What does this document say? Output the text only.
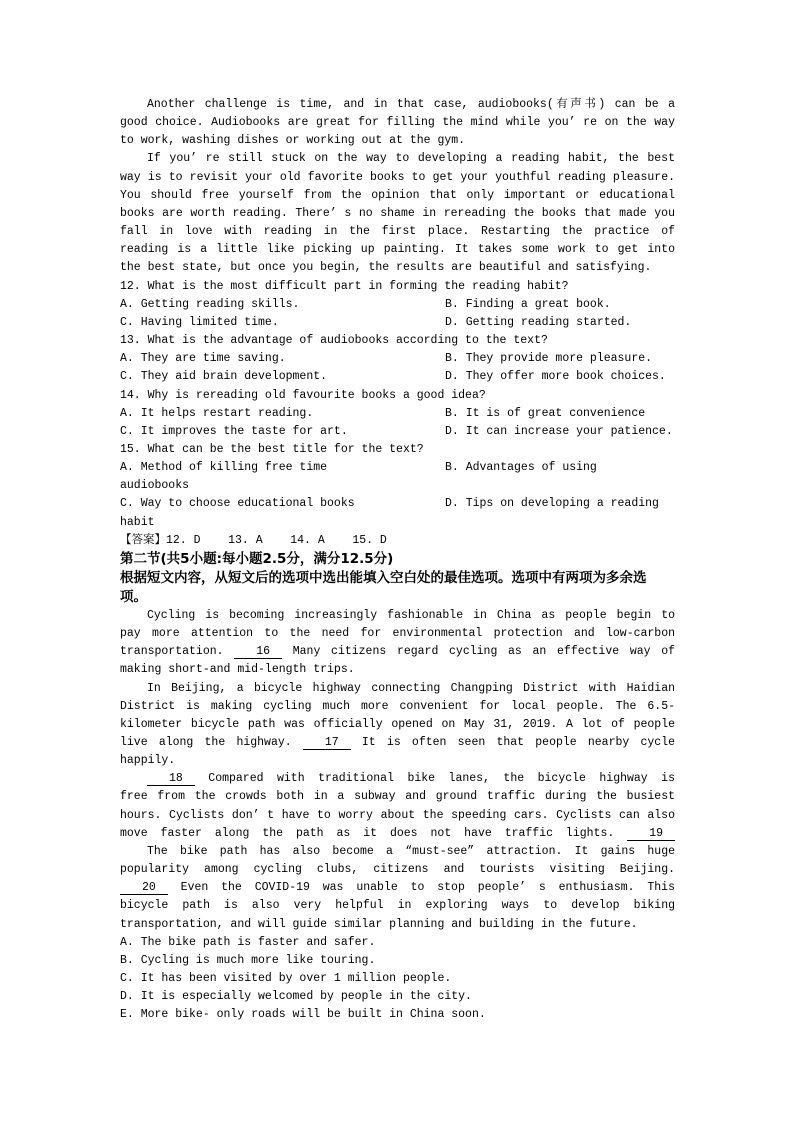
Another challenge is time, and in that case, audiobooks(有声书) can be a
good choice. Audiobooks are great for filling the mind while you’ re on the way
to work, washing dishes or working out at the gym.
If you’ re still stuck on the way to developing a reading habit, the best
way is to revisit your old favorite books to get your youthful reading pleasure.
You should free yourself from the opinion that only important or educational
books are worth reading. There’ s no shame in rereading the books that made you
fall in love with reading in the first place. Restarting the practice of
reading is a little like picking up painting. It takes some work to get into
the best state, but once you begin, the results are beautiful and satisfying.
12. What is the most difficult part in forming the reading habit?
A. Getting reading skills.	B. Finding a great book.
C. Having limited time.	D. Getting reading started.
13. What is the advantage of audiobooks according to the text?
A. They are time saving.	B. They provide more pleasure.
C. They aid brain development.	D. They offer more book choices.
14. Why is rereading old favourite books a good idea?
A. It helps restart reading.	B. It is of great convenience
C. It improves the taste for art.	D. It can increase your patience.
15. What can be the best title for the text?
A. Method of killing free time	B. Advantages of using
audiobooks
C. Way to choose educational books	D. Tips on developing a reading
habit
【答案】12. D    13. A    14. A    15. D
第二节(共5小题:每小题2.5分，满分12.5分)
根据短文内容，从短文后的选项中选出能填入空白处的最佳选项。选项中有两项为多余选
项。
Cycling is becoming increasingly fashionable in China as people begin to
pay more attention to the need for environmental protection and low-carbon
transportation.	16 Many citizens regard cycling as an effective way of
making short-and mid-length trips.
In Beijing, a bicycle highway connecting Changping District with Haidian
District is making cycling much more convenient for local people. The 6.5-
kilometer bicycle path was officially opened on May 31, 2019. A lot of people
live along the highway.	17 It is often seen that people nearby cycle
happily.
18 Compared with traditional bike lanes, the bicycle highway is
free from the crowds both in a subway and ground traffic during the busiest
hours. Cyclists don’ t have to worry about the speeding cars. Cyclists can also
move faster along the path as it does not have traffic lights.	19
The bike path has also become a “must-see” attraction. It gains huge
popularity among cycling clubs, citizens and tourists visiting Beijing.
20 Even the COVID-19 was unable to stop people’ s enthusiasm. This
bicycle path is also very helpful in exploring ways to develop biking
transportation, and will guide similar planning and building in the future.
A. The bike path is faster and safer.
B. Cycling is much more like touring.
C. It has been visited by over 1 million people.
D. It is especially welcomed by people in the city.
E. More bike- only roads will be built in China soon.
